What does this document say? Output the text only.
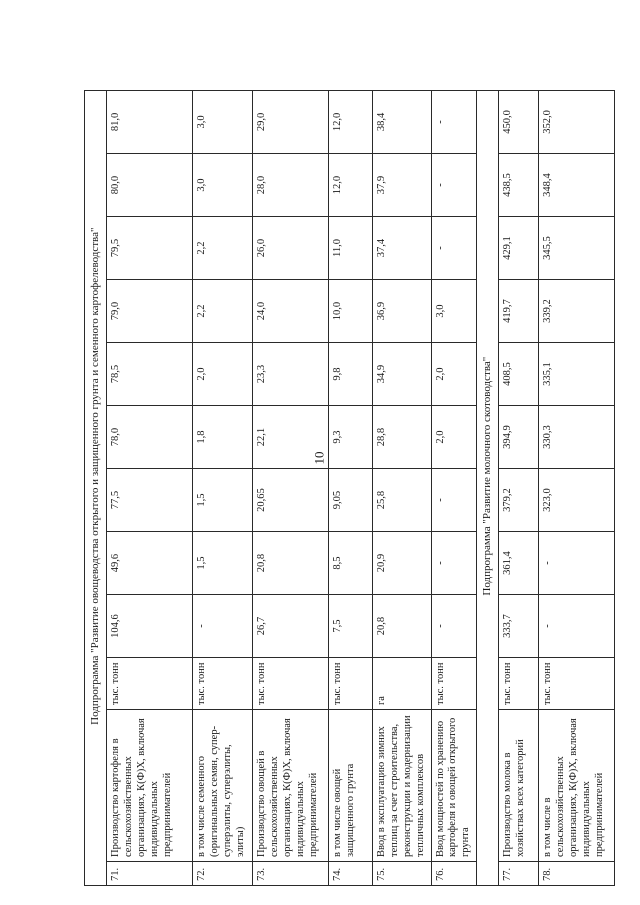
10
	Подпрограмма "Развитие овощеводства открытого и защищенного грунта и семенного картофелеводства"										
71.	Производство картофеля в сельскохозяйственных организациях, К(Ф)Х, включая индивидуальных предпринимателей	тыс. тонн	104,6	49,6	77,5	78,0	78,5	79,0	79,5	80,0	81,0
72.	в том числе семенного (оригинальных семян, супер-суперэлиты, суперэлиты, элиты)	тыс. тонн	-	1,5	1,5	1,8	2,0	2,2	2,2	3,0	3,0
73.	Производство овощей в сельскохозяйственных организациях, К(Ф)Х, включая индивидуальных предпринимателей	тыс. тонн	26,7	20,8	20,65	22,1	23,3	24,0	26,0	28,0	29,0
74.	в том числе овощей защищенного грунта	тыс. тонн	7,5	8,5	9,05	9,3	9,8	10,0	11,0	12,0	12,0
75.	Ввод в эксплуатацию зимних теплиц за счет строительства, реконструкции и модернизации тепличных комплексов	га	20,8	20,9	25,8	28,8	34,9	36,9	37,4	37,9	38,4
76.	Ввод мощностей по хранению картофеля и овощей открытого грунта	тыс. тонн	-	-	-	2,0	2,0	3,0	-	-	-
	Подпрограмма "Развитие молочного скотоводства"										
77.	Производство молока в хозяйствах всех категорий	тыс. тонн	333,7	361,4	379,2	394,9	408,5	419,7	429,1	438,5	450,0
78.	в том числе в сельскохозяйственных организациях, К(Ф)Х, включая индивидуальных предпринимателей	тыс. тонн	-	-	323,0	330,3	335,1	339,2	345,5	348,4	352,0
